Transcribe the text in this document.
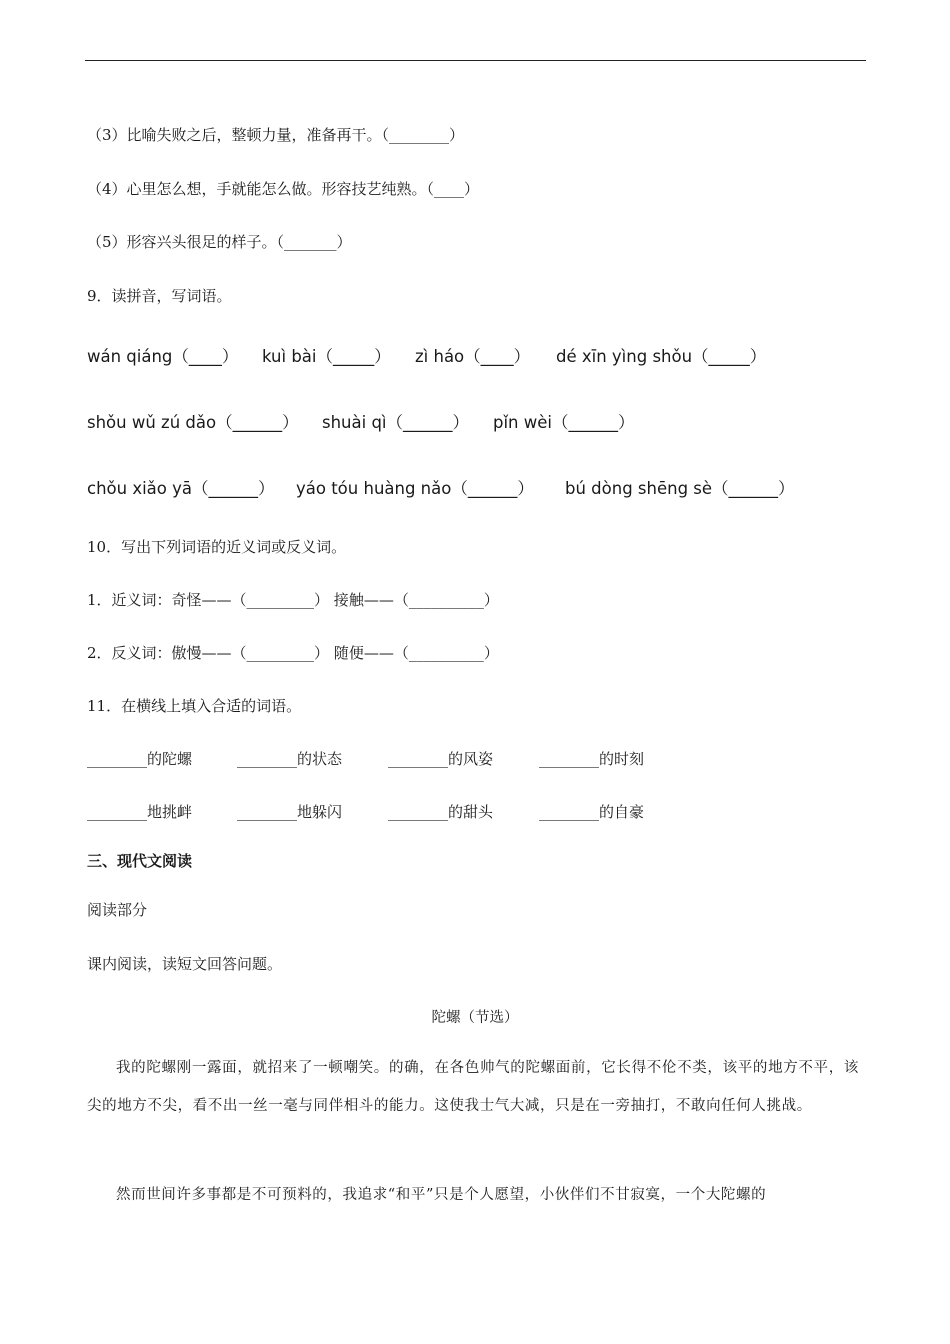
（3）比喻失败之后，整顿力量，准备再干。（________）
（4）心里怎么想，手就能怎么做。形容技艺纯熟。（____）
（5）形容兴头很足的样子。（_______）
9．读拼音，写词语。
wán qiáng（____） kuì bài（_____） zì háo（____） dé xīn yìng shǒu（_____）
shǒu wǔ zú dǎo（______） shuài qì（______） pǐn wèi（______）
chǒu xiǎo yā（______） yáo tóu huàng nǎo（______） bú dòng shēng sè（______）
10．写出下列词语的近义词或反义词。
1．近义词：奇怪——（_________） 接触——（__________）
2．反义词：傲慢——（_________） 随便——（__________）
11．在横线上填入合适的词语。
________的陀螺	________的状态	________的风姿	________的时刻
________地挑衅	________地躲闪	________的甜头	________的自豪
三、现代文阅读
阅读部分
课内阅读，读短文回答问题。
陀螺（节选）
我的陀螺刚一露面，就招来了一顿嘲笑。的确，在各色帅气的陀螺面前，它长得不伦不类，该平的地方不平，该尖的地方不尖，看不出一丝一毫与同伴相斗的能力。这使我士气大减，只是在一旁抽打，不敢向任何人挑战。
然而世间许多事都是不可预料的，我追求“和平”只是个人愿望，小伙伴们不甘寂寞，一个大陀螺的
